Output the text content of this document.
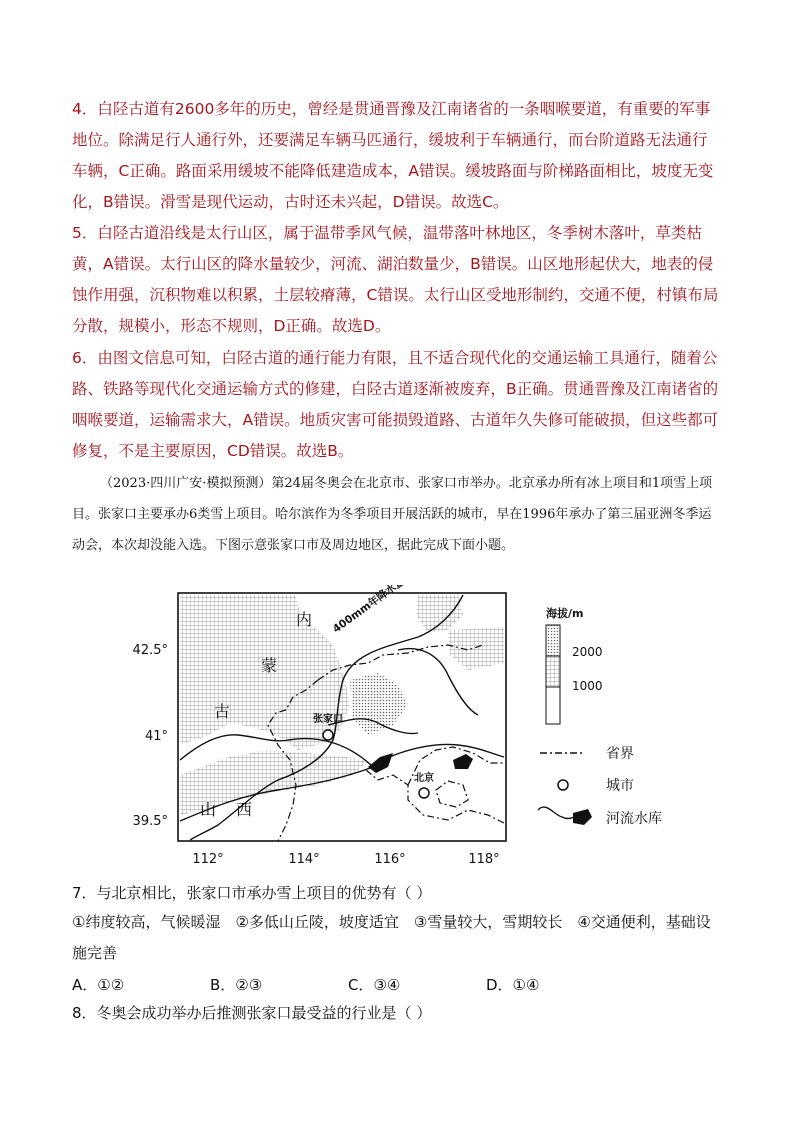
4．白陉古道有2600多年的历史，曾经是贯通晋豫及江南诸省的一条咽喉要道，有重要的军事地位。除满足行人通行外，还要满足车辆马匹通行，缓坡利于车辆通行，而台阶道路无法通行车辆，C正确。路面采用缓坡不能降低建造成本，A错误。缓坡路面与阶梯路面相比，坡度无变化，B错误。滑雪是现代运动，古时还未兴起，D错误。故选C。
5．白陉古道沿线是太行山区，属于温带季风气候，温带落叶林地区，冬季树木落叶，草类枯黄，A错误。太行山区的降水量较少，河流、湖泊数量少，B错误。山区地形起伏大，地表的侵蚀作用强，沉积物难以积累，土层较瘠薄，C错误。太行山区受地形制约，交通不便，村镇布局分散，规模小，形态不规则，D正确。故选D。
6．由图文信息可知，白陉古道的通行能力有限，且不适合现代化的交通运输工具通行，随着公路、铁路等现代化交通运输方式的修建，白陉古道逐渐被废弃，B正确。贯通晋豫及江南诸省的咽喉要道，运输需求大，A错误。地质灾害可能损毁道路、古道年久失修可能破损，但这些都可修复，不是主要原因，CD错误。故选B。
（2023·四川广安·模拟预测）第24届冬奥会在北京市、张家口市举办。北京承办所有冰上项目和1项雪上项目。张家口主要承办6类雪上项目。哈尔滨作为冬季项目开展活跃的城市，早在1996年承办了第三届亚洲冬季运动会，本次却没能入选。下图示意张家口市及周边地区，据此完成下面小题。
内
蒙
古
山 西
张家口
北京
42.5°
41°
39.5°
112°	114°	116°	118°
海拔/m
2000
1000
省界
城市
河流水库
7．与北京相比，张家口市承办雪上项目的优势有（ ）
①纬度较高，气候暖湿　②多低山丘陵，坡度适宜　③雪量较大，雪期较长　④交通便利，基础设施完善
A．①②	B．②③	C．③④	D．①④
8．冬奥会成功举办后推测张家口最受益的行业是（ ）
